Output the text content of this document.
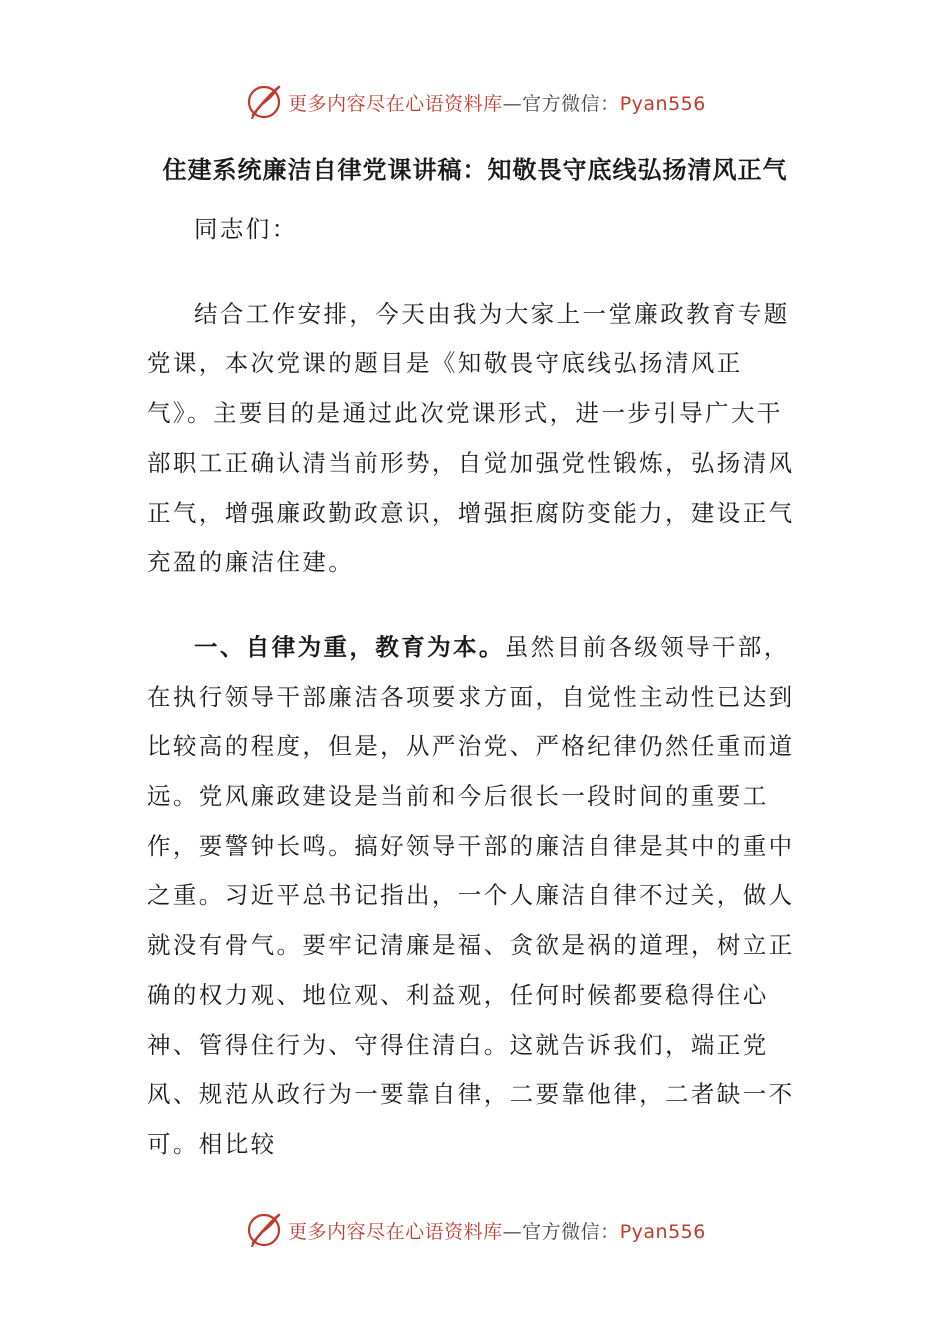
更多内容尽在心语资料库—官方微信：Pyan556
住建系统廉洁自律党课讲稿：知敬畏守底线弘扬清风正气

同志们：

结合工作安排，今天由我为大家上一堂廉政教育专题党课，本次党课的题目是《知敬畏守底线弘扬清风正气》。主要目的是通过此次党课形式，进一步引导广大干部职工正确认清当前形势，自觉加强党性锻炼，弘扬清风正气，增强廉政勤政意识，增强拒腐防变能力，建设正气充盈的廉洁住建。

一、自律为重，教育为本。虽然目前各级领导干部，在执行领导干部廉洁各项要求方面，自觉性主动性已达到比较高的程度，但是，从严治党、严格纪律仍然任重而道远。党风廉政建设是当前和今后很长一段时间的重要工作，要警钟长鸣。搞好领导干部的廉洁自律是其中的重中之重。习近平总书记指出，一个人廉洁自律不过关，做人就没有骨气。要牢记清廉是福、贪欲是祸的道理，树立正确的权力观、地位观、利益观，任何时候都要稳得住心神、管得住行为、守得住清白。这就告诉我们，端正党风、规范从政行为一要靠自律，二要靠他律，二者缺一不可。相比较

更多内容尽在心语资料库—官方微信：Pyan556
